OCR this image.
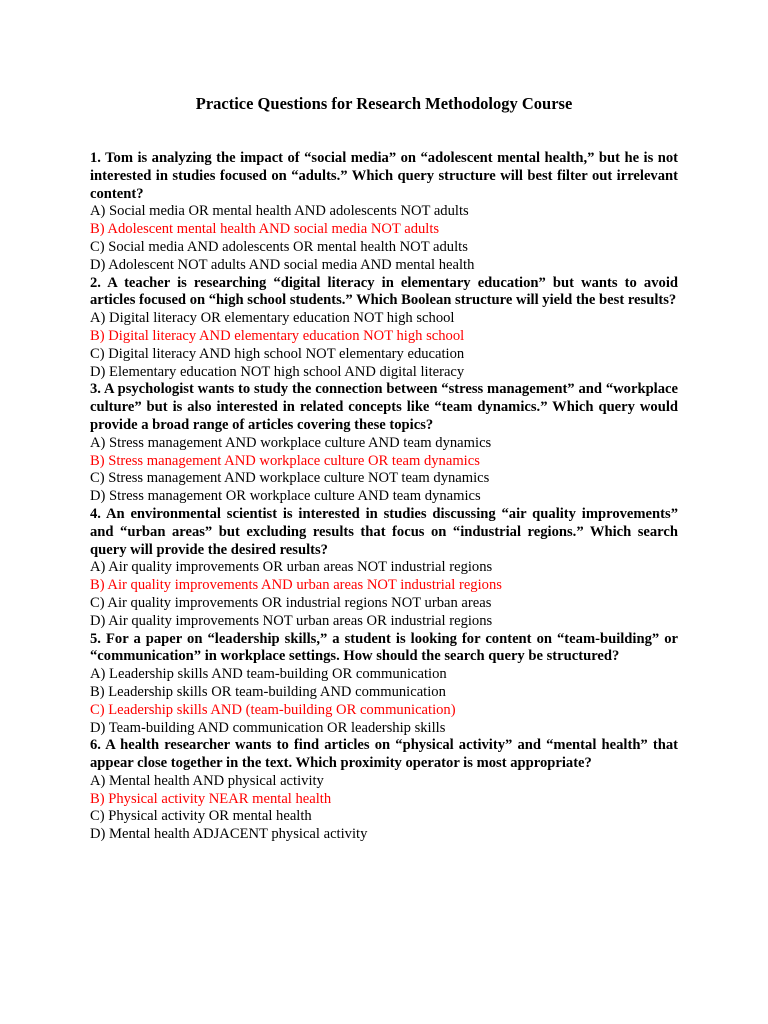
Practice Questions for Research Methodology Course

1. Tom is analyzing the impact of “social media” on “adolescent mental health,” but he is not interested in studies focused on “adults.” Which query structure will best filter out irrelevant content?

A) Social media OR mental health AND adolescents NOT adults

B) Adolescent mental health AND social media NOT adults

C) Social media AND adolescents OR mental health NOT adults

D) Adolescent NOT adults AND social media AND mental health

2. A teacher is researching “digital literacy in elementary education” but wants to avoid articles focused on “high school students.” Which Boolean structure will yield the best results?

A) Digital literacy OR elementary education NOT high school

B) Digital literacy AND elementary education NOT high school

C) Digital literacy AND high school NOT elementary education

D) Elementary education NOT high school AND digital literacy

3. A psychologist wants to study the connection between “stress management” and “workplace culture” but is also interested in related concepts like “team dynamics.” Which query would provide a broad range of articles covering these topics?

A) Stress management AND workplace culture AND team dynamics

B) Stress management AND workplace culture OR team dynamics

C) Stress management AND workplace culture NOT team dynamics

D) Stress management OR workplace culture AND team dynamics

4. An environmental scientist is interested in studies discussing “air quality improvements” and “urban areas” but excluding results that focus on “industrial regions.” Which search query will provide the desired results?

A) Air quality improvements OR urban areas NOT industrial regions

B) Air quality improvements AND urban areas NOT industrial regions

C) Air quality improvements OR industrial regions NOT urban areas

D) Air quality improvements NOT urban areas OR industrial regions

5. For a paper on “leadership skills,” a student is looking for content on “team-building” or “communication” in workplace settings. How should the search query be structured?

A) Leadership skills AND team-building OR communication

B) Leadership skills OR team-building AND communication

C) Leadership skills AND (team-building OR communication)

D) Team-building AND communication OR leadership skills

6. A health researcher wants to find articles on “physical activity” and “mental health” that appear close together in the text. Which proximity operator is most appropriate?

A) Mental health AND physical activity

B) Physical activity NEAR mental health

C) Physical activity OR mental health

D) Mental health ADJACENT physical activity
